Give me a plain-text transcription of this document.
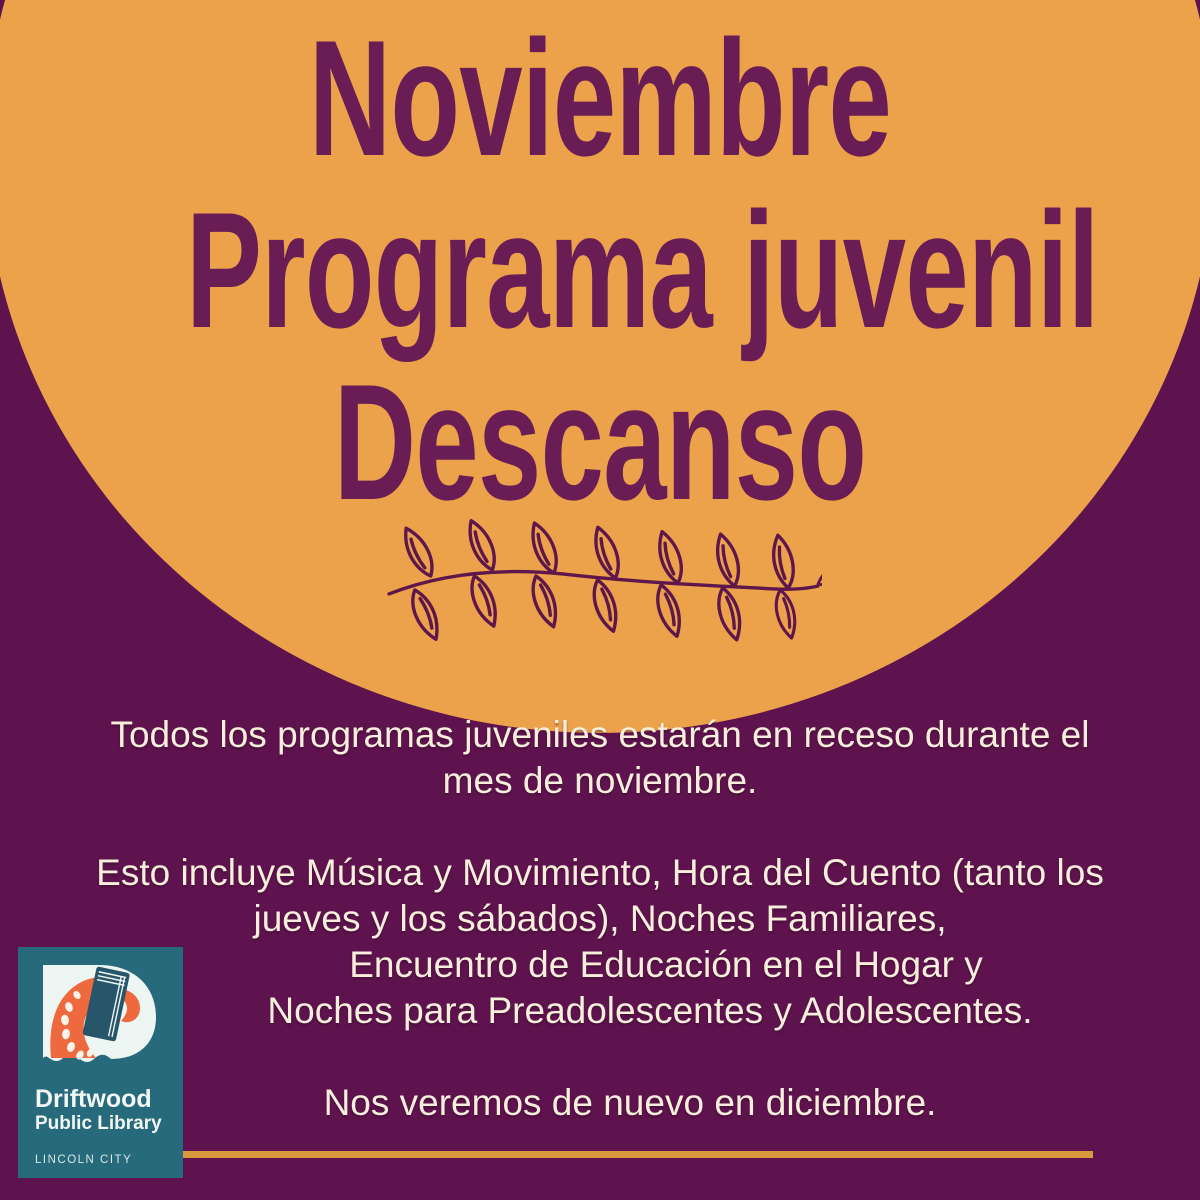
Noviembre
Programa juvenil
Descanso
Todos los programas juveniles estarán en receso durante el
mes de noviembre.
Esto incluye Música y Movimiento, Hora del Cuento (tanto los
jueves y los sábados), Noches Familiares,
Encuentro de Educación en el Hogar y
Noches para Preadolescentes y Adolescentes.
Nos veremos de nuevo en diciembre.
Driftwood
Public Library
LINCOLN CITY
